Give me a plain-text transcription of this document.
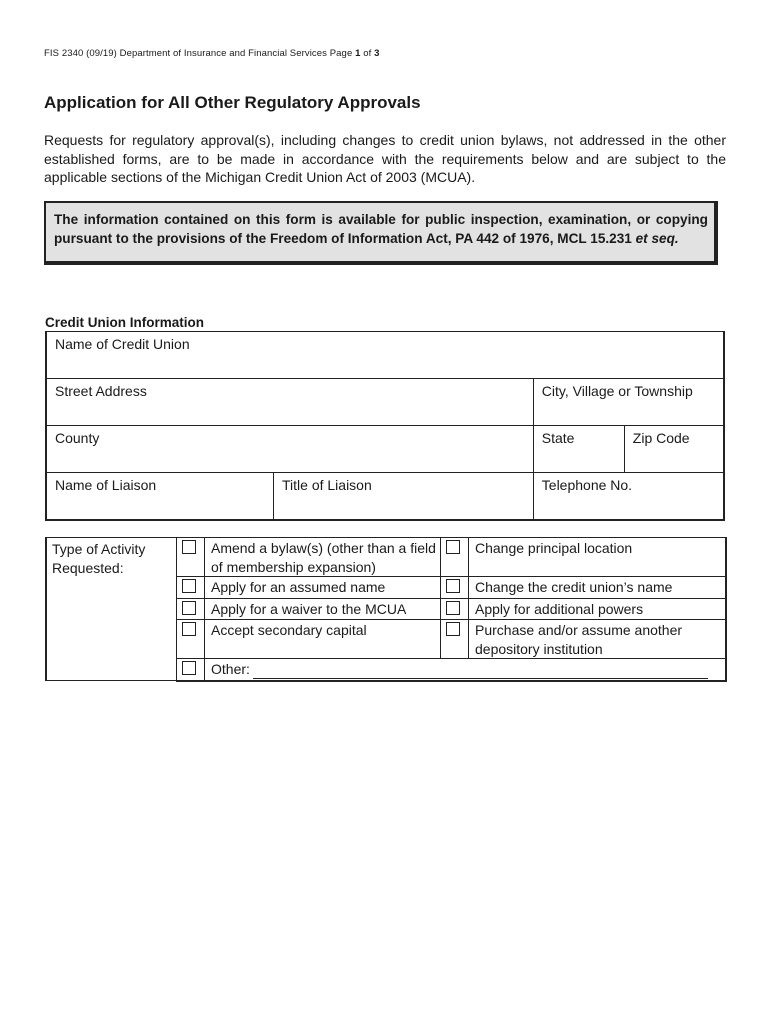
FIS 2340 (09/19) Department of Insurance and Financial Services Page 1 of 3
Application for All Other Regulatory Approvals
Requests for regulatory approval(s), including changes to credit union bylaws, not addressed in the other established forms, are to be made in accordance with the requirements below and are subject to the applicable sections of the Michigan Credit Union Act of 2003 (MCUA).
The information contained on this form is available for public inspection, examination, or copying pursuant to the provisions of the Freedom of Information Act, PA 442 of 1976, MCL 15.231 et seq.
Credit Union Information
Name of Credit Union			
Street Address		City, Village or Township	
County		State	Zip Code
Name of Liaison	Title of Liaison	Telephone No.	
Type of Activity Requested:		Amend a bylaw(s) (other than a field of membership expansion)		Change principal location
		Apply for an assumed name		Change the credit union’s name
		Apply for a waiver to the MCUA		Apply for additional powers
		Accept secondary capital		Purchase and/or assume another depository institution
		Other:		
